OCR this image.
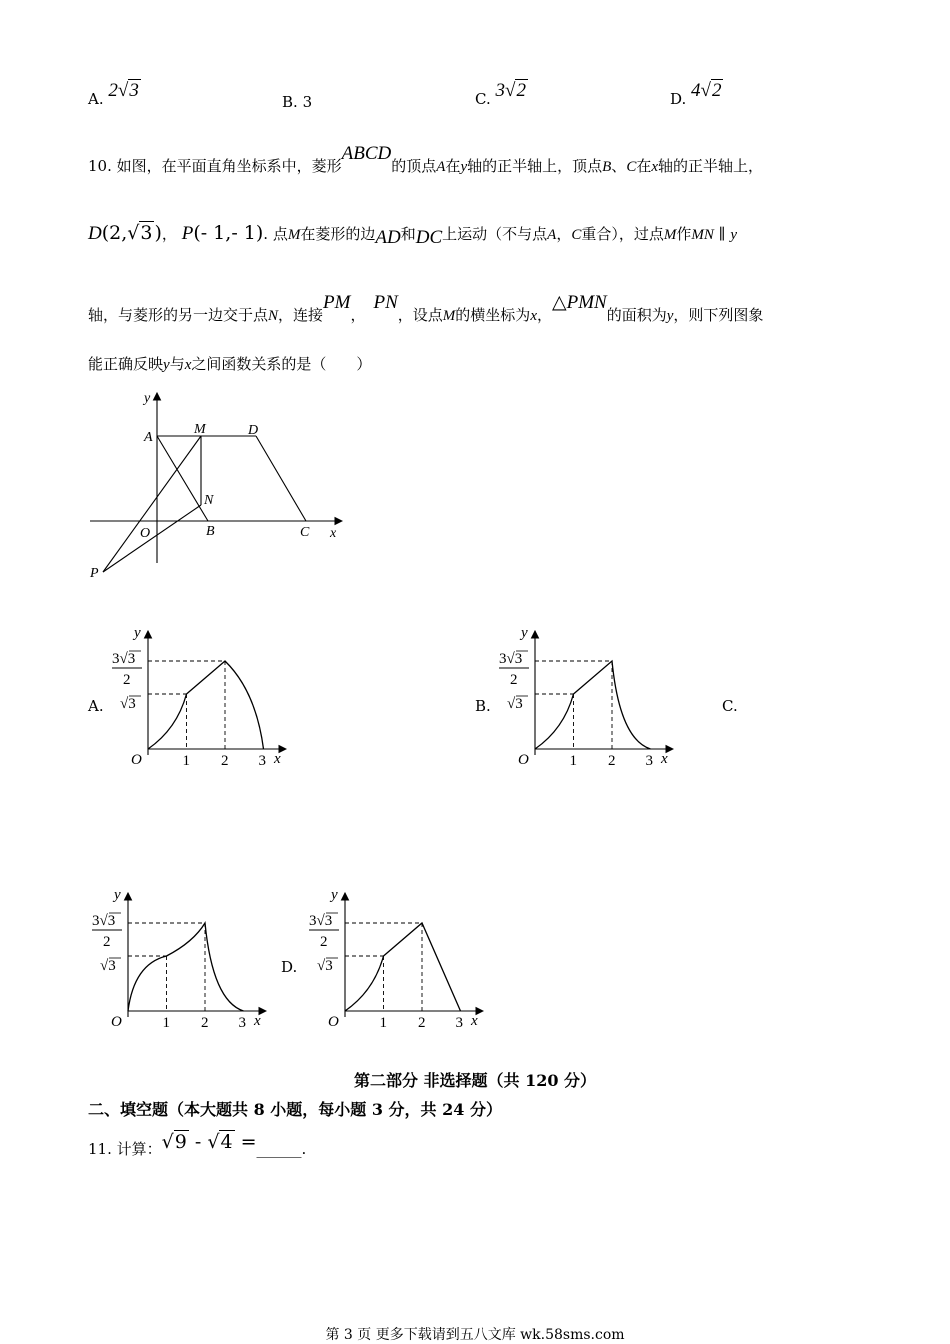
A. 2√3
B. 3	C. 3√2	D. 4√2
10. 如图，在平面直角坐标系中，菱形ABCD的顶点A在y轴的正半轴上，顶点B、C在x轴的正半轴上，
D(2,√3 )， P(- 1,- 1). 点M在菱形的边AD和DC上运动（不与点A，C重合），过点M作MN ∥ y
轴，与菱形的另一边交于点N，连接PM，PN，设点M的横坐标为x，△PMN的面积为y，则下列图象
能正确反映y与x之间函数关系的是（　　）
y
x
O
A
M	D
N
B	C
P
A.	B.	C.
D.
y
x
O	1 2 3
3√3
2
√3
y
x
O	1 2 3
3√3
2
√3
y
x
O	1 2 3
3√3
2
√3
y
x
O	1 2 3
3√3
2
√3
第二部分 非选择题（共 120 分）
二、填空题（本大题共 8 小题，每小题 3 分，共 24 分）
11. 计算：√9 - √4 =______.
第 3 页 更多下载请到五八文库 wk.58sms.com
